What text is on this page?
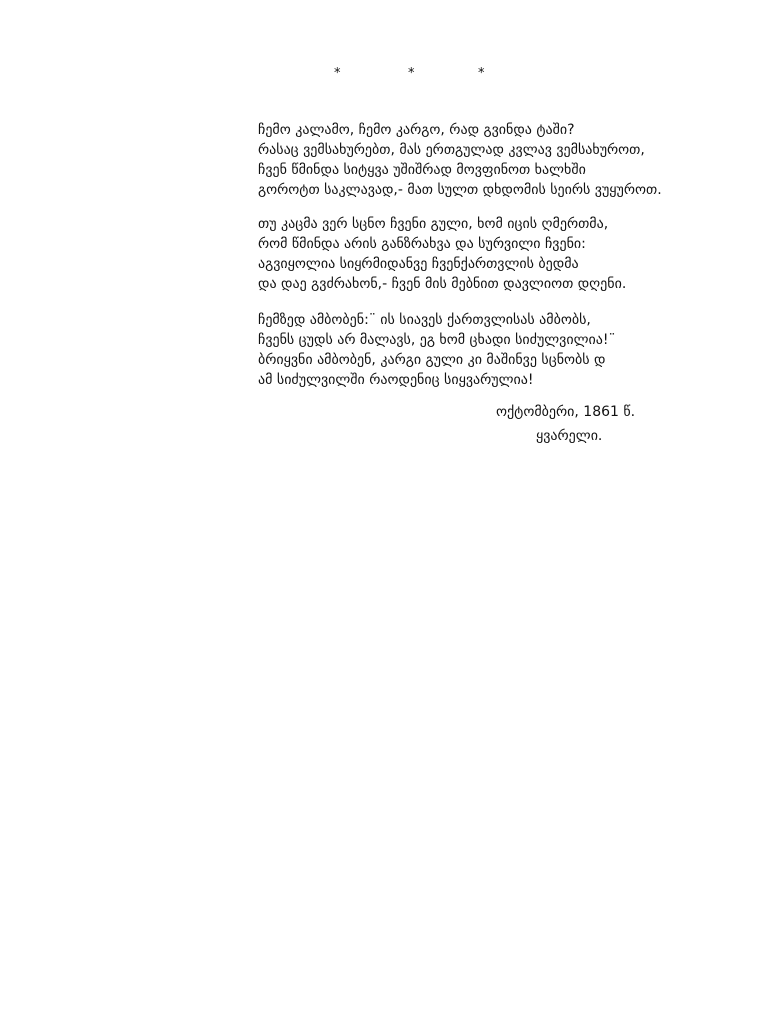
*	*	*
ჩემო კალამო, ჩემო კარგო, რად გვინდა ტაში?
რასაც ვემსახურებთ, მას ერთგულად კვლავ ვემსახუროთ,
ჩვენ წმინდა სიტყვა უშიშრად მოვფინოთ ხალხში
გოროტთ საკლავად,- მათ სულთ დხდომის სეირს ვუყუროთ.
თუ კაცმა ვერ სცნო ჩვენი გული, ხომ იცის ღმერთმა,
რომ წმინდა არის განზრახვა და სურვილი ჩვენი:
აგვიყოლია სიყრმიდანვე ჩვენქართვლის ბედმა
და დაე გვძრახონ,- ჩვენ მის მებნით დავლიოთ დღენი.
ჩემზედ ამბობენ:¨ ის სიავეს ქართვლისას ამბობს,
ჩვენს ცუდს არ მალავს, ეგ ხომ ცხადი სიძულვილია!¨
ბრიყვნი ამბობენ, კარგი გული კი მაშინვე სცნობს დ
ამ სიძულვილში რაოდენიც სიყვარულია!
ოქტომბერი, 1861 წ.
ყვარელი.
